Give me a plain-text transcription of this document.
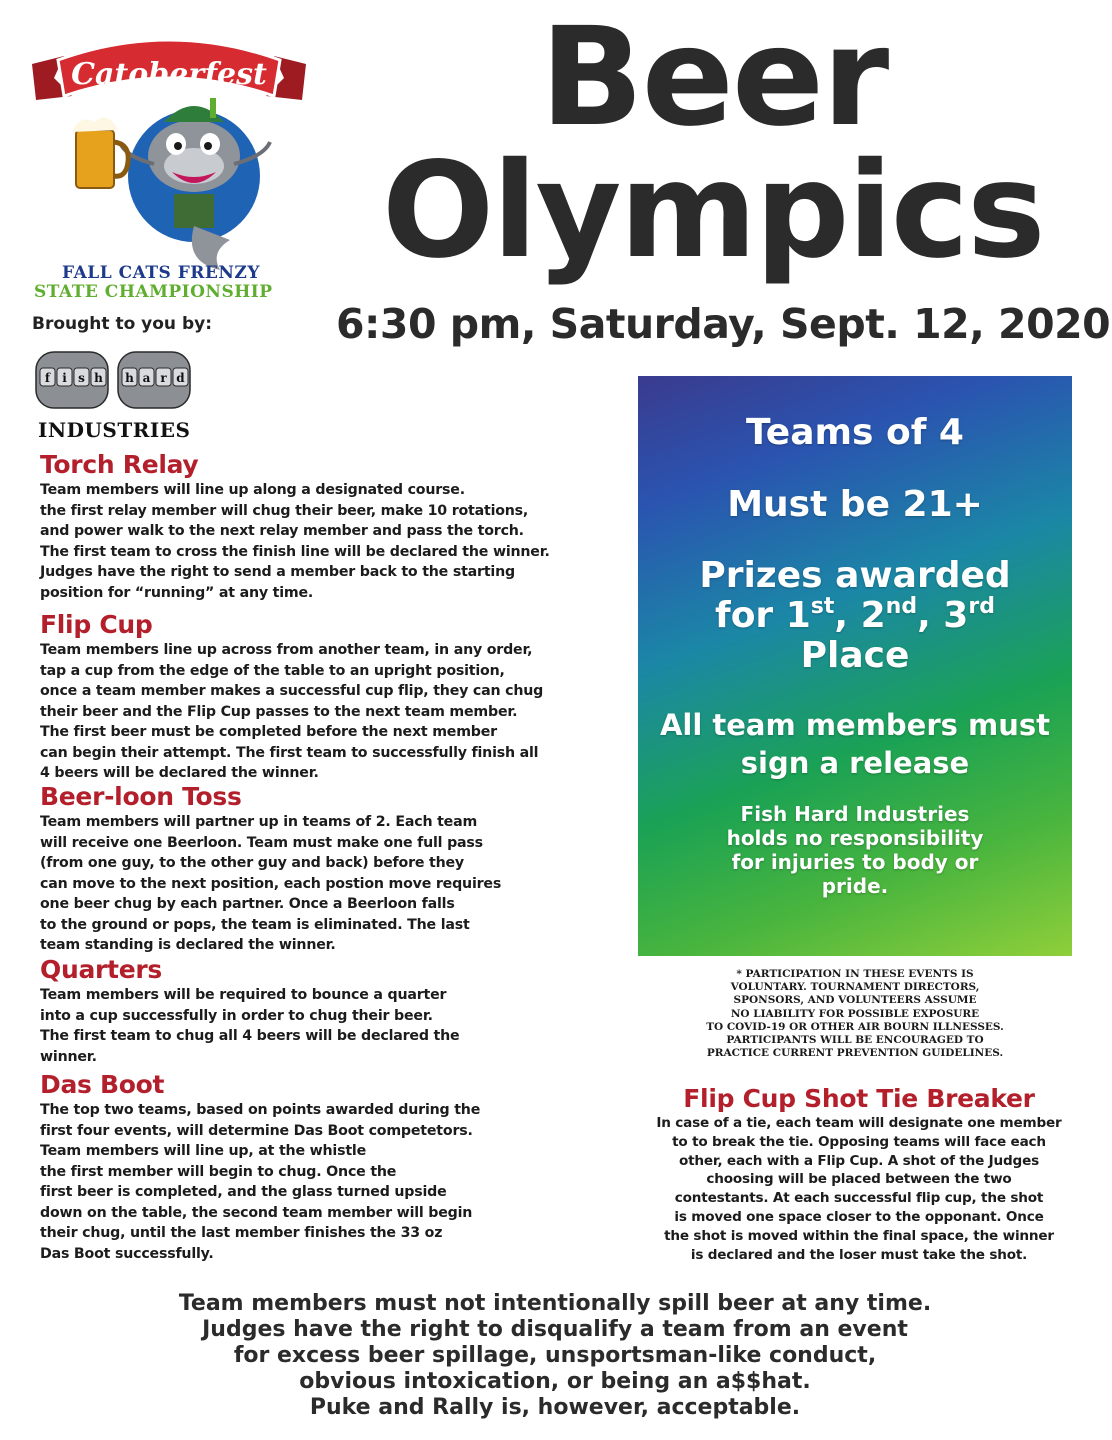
Catoberfest
FALL CATS FRENZY
STATE CHAMPIONSHIP
Brought to you by:
f i s h h a r d
INDUSTRIES
Beer
Olympics
6:30 pm, Saturday, Sept. 12, 2020
Torch Relay

Team members will line up along a designated course.
the first relay member will chug their beer, make 10 rotations,
and power walk to the next relay member and pass the torch.
The first team to cross the finish line will be declared the winner.
Judges have the right to send a member back to the starting
position for “running” at any time.

Flip Cup

Team members line up across from another team, in any order,
tap a cup from the edge of the table to an upright position,
once a team member makes a successful cup flip, they can chug
their beer and the Flip Cup passes to the next team member.
The first beer must be completed before the next member
can begin their attempt. The first team to successfully finish all
4 beers will be declared the winner.

Beer-loon Toss

Team members will partner up in teams of 2. Each team
will receive one Beerloon. Team must make one full pass
(from one guy, to the other guy and back) before they
can move to the next position, each postion move requires
one beer chug by each partner. Once a Beerloon falls
to the ground or pops, the team is eliminated. The last
team standing is declared the winner.

Quarters

Team members will be required to bounce a quarter
into a cup successfully in order to chug their beer.
The first team to chug all 4 beers will be declared the
winner.

Das Boot

The top two teams, based on points awarded during the
first four events, will determine Das Boot competetors.
Team members will line up, at the whistle
the first member will begin to chug. Once the
first beer is completed, and the glass turned upside
down on the table, the second team member will begin
their chug, until the last member finishes the 33 oz
Das Boot successfully.

Teams of 4
Must be 21+
Prizes awarded
for 1st, 2nd, 3rd
Place
All team members must
sign a release
Fish Hard Industries
holds no responsibility
for injuries to body or
pride.
* PARTICIPATION IN THESE EVENTS IS
VOLUNTARY. TOURNAMENT DIRECTORS,
SPONSORS, AND VOLUNTEERS ASSUME
NO LIABILITY FOR POSSIBLE EXPOSURE
TO COVID-19 OR OTHER AIR BOURN ILLNESSES.
PARTICIPANTS WILL BE ENCOURAGED TO
PRACTICE CURRENT PREVENTION GUIDELINES.
Flip Cup Shot Tie Breaker
In case of a tie, each team will designate one member
to to break the tie. Opposing teams will face each
other, each with a Flip Cup. A shot of the Judges
choosing will be placed between the two
contestants. At each successful flip cup, the shot
is moved one space closer to the opponant. Once
the shot is moved within the final space, the winner
is declared and the loser must take the shot.
Team members must not intentionally spill beer at any time.
Judges have the right to disqualify a team from an event
for excess beer spillage, unsportsman-like conduct,
obvious intoxication, or being an a$$hat.
Puke and Rally is, however, acceptable.
